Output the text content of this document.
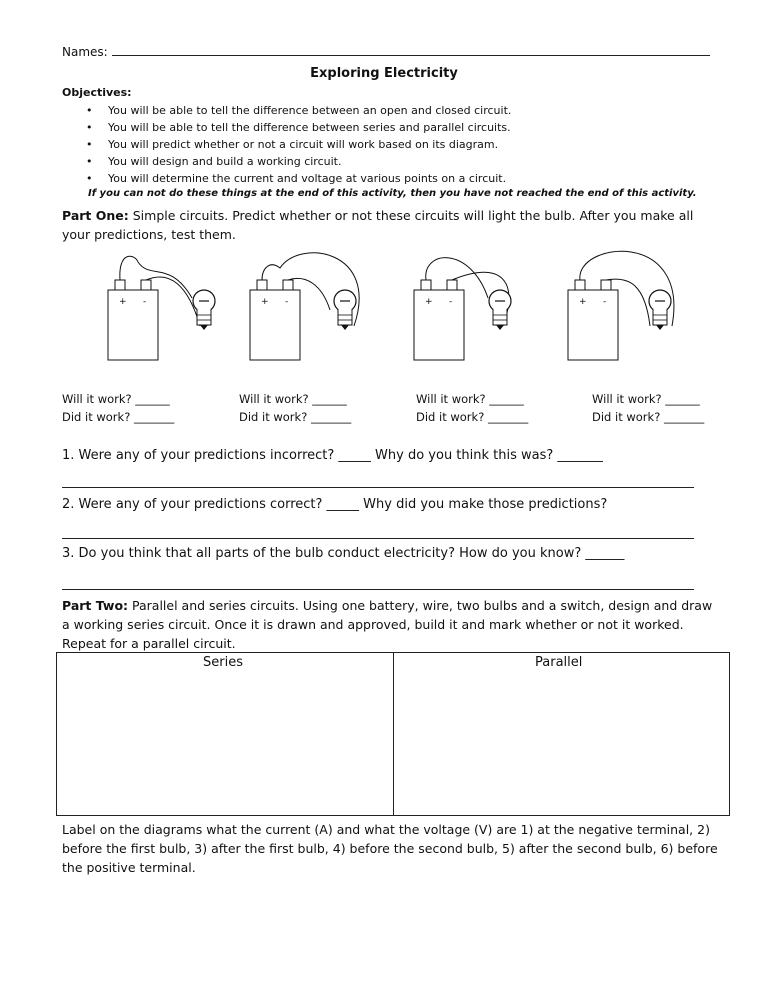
Names:
Exploring Electricity
Objectives:
• You will be able to tell the difference between an open and closed circuit.
• You will be able to tell the difference between series and parallel circuits.
• You will predict whether or not a circuit will work based on its diagram.
• You will design and build a working circuit.
• You will determine the current and voltage at various points on a circuit.
If you can not do these things at the end of this activity, then you have not reached the end of this activity.
Part One: Simple circuits. Predict whether or not these circuits will light the bulb. After you make all your predictions, test them.
+ -	+ -	+ -	+ -
Will it work? ______
Did it work? _______
Will it work? ______
Did it work? _______
Will it work? ______
Did it work? _______
Will it work? ______
Did it work? _______
1. Were any of your predictions incorrect? _____ Why do you think this was? _______
2. Were any of your predictions correct? _____ Why did you make those predictions?
3. Do you think that all parts of the bulb conduct electricity? How do you know? ______
Part Two: Parallel and series circuits. Using one battery, wire, two bulbs and a switch, design and draw a working series circuit. Once it is drawn and approved, build it and mark whether or not it worked. Repeat for a parallel circuit.
Series	Parallel
Label on the diagrams what the current (A) and what the voltage (V) are 1) at the negative terminal, 2) before the first bulb, 3) after the first bulb, 4) before the second bulb, 5) after the second bulb, 6) before the positive terminal.
